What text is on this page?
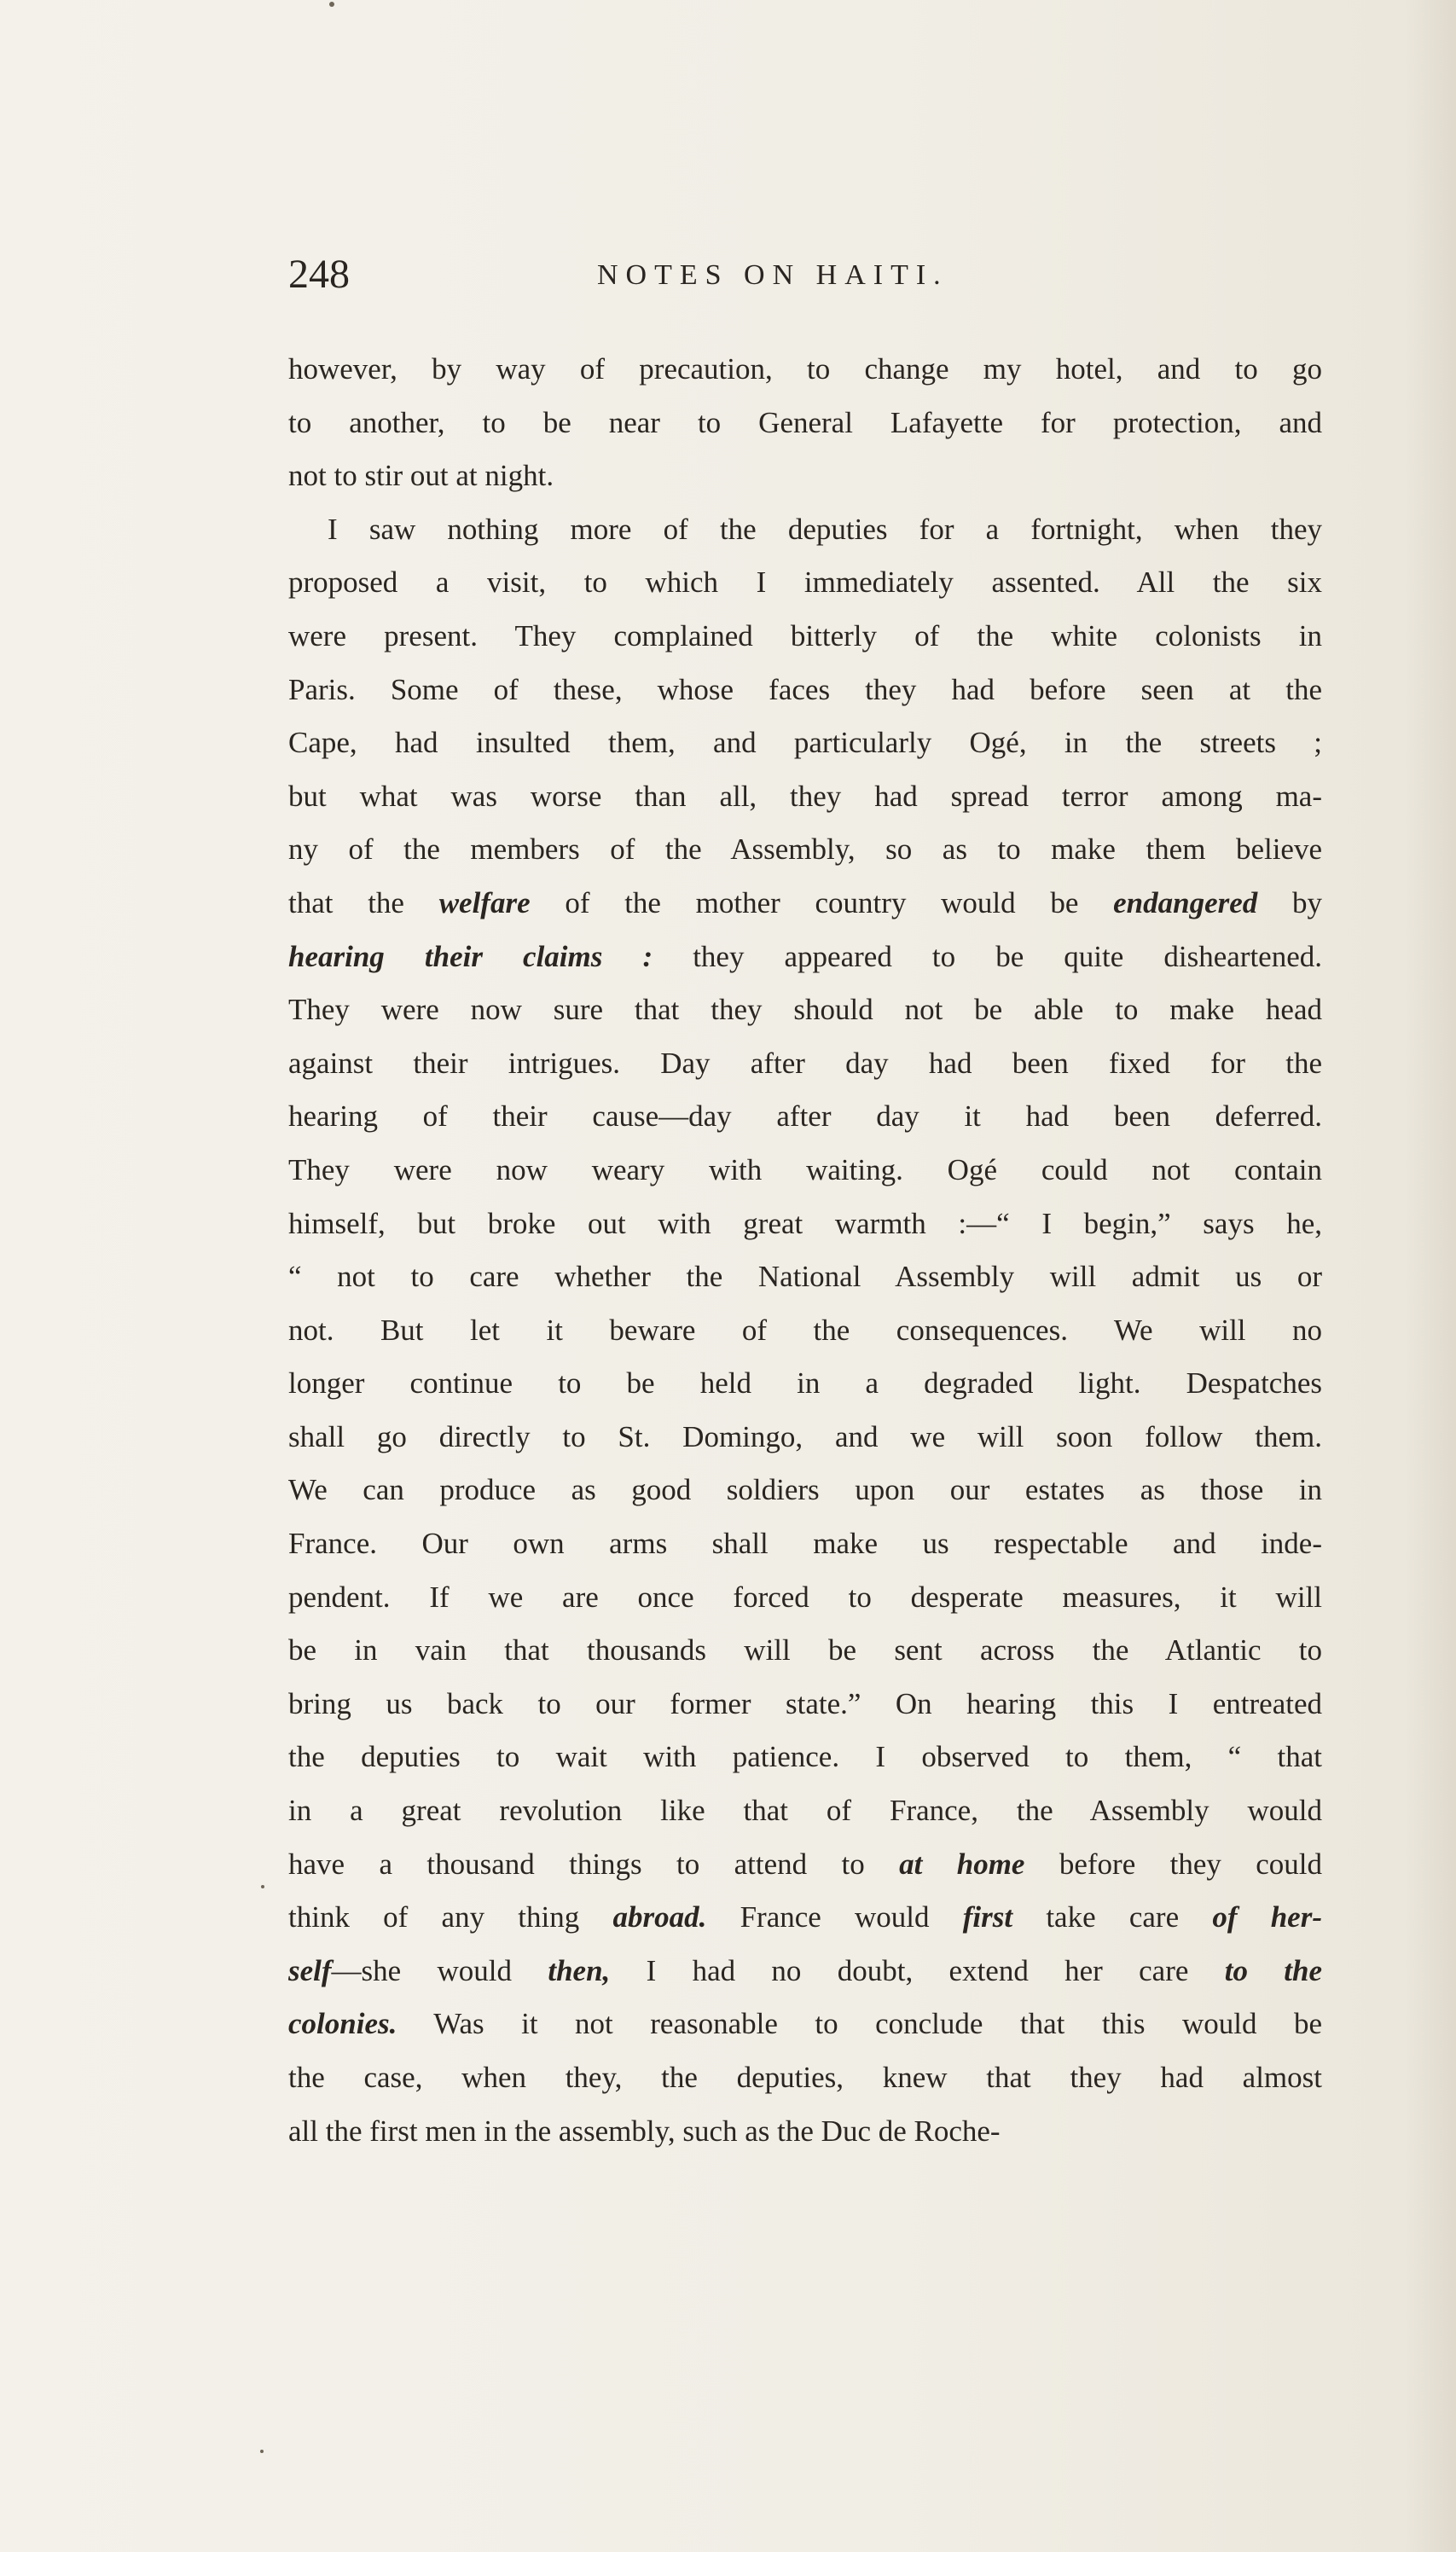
248	NOTES ON HAITI.
however, by way of precaution, to change my hotel, and to go
to another, to be near to General Lafayette for protection, and
not to stir out at night.
I saw nothing more of the deputies for a fortnight, when they
proposed a visit, to which I immediately assented. All the six
were present. They complained bitterly of the white colonists in
Paris. Some of these, whose faces they had before seen at the
Cape, had insulted them, and particularly Ogé, in the streets ;
but what was worse than all, they had spread terror among ma-
ny of the members of the Assembly, so as to make them believe
that the welfare of the mother country would be endangered by
hearing their claims : they appeared to be quite disheartened.
They were now sure that they should not be able to make head
against their intrigues. Day after day had been fixed for the
hearing of their cause—day after day it had been deferred.
They were now weary with waiting. Ogé could not contain
himself, but broke out with great warmth :—“ I begin,” says he,
“ not to care whether the National Assembly will admit us or
not. But let it beware of the consequences. We will no
longer continue to be held in a degraded light. Despatches
shall go directly to St. Domingo, and we will soon follow them.
We can produce as good soldiers upon our estates as those in
France. Our own arms shall make us respectable and inde-
pendent. If we are once forced to desperate measures, it will
be in vain that thousands will be sent across the Atlantic to
bring us back to our former state.” On hearing this I entreated
the deputies to wait with patience. I observed to them, “ that
in a great revolution like that of France, the Assembly would
have a thousand things to attend to at home before they could
think of any thing abroad. France would first take care of her-
self—she would then, I had no doubt, extend her care to the
colonies. Was it not reasonable to conclude that this would be
the case, when they, the deputies, knew that they had almost
all the first men in the assembly, such as the Duc de Roche-
